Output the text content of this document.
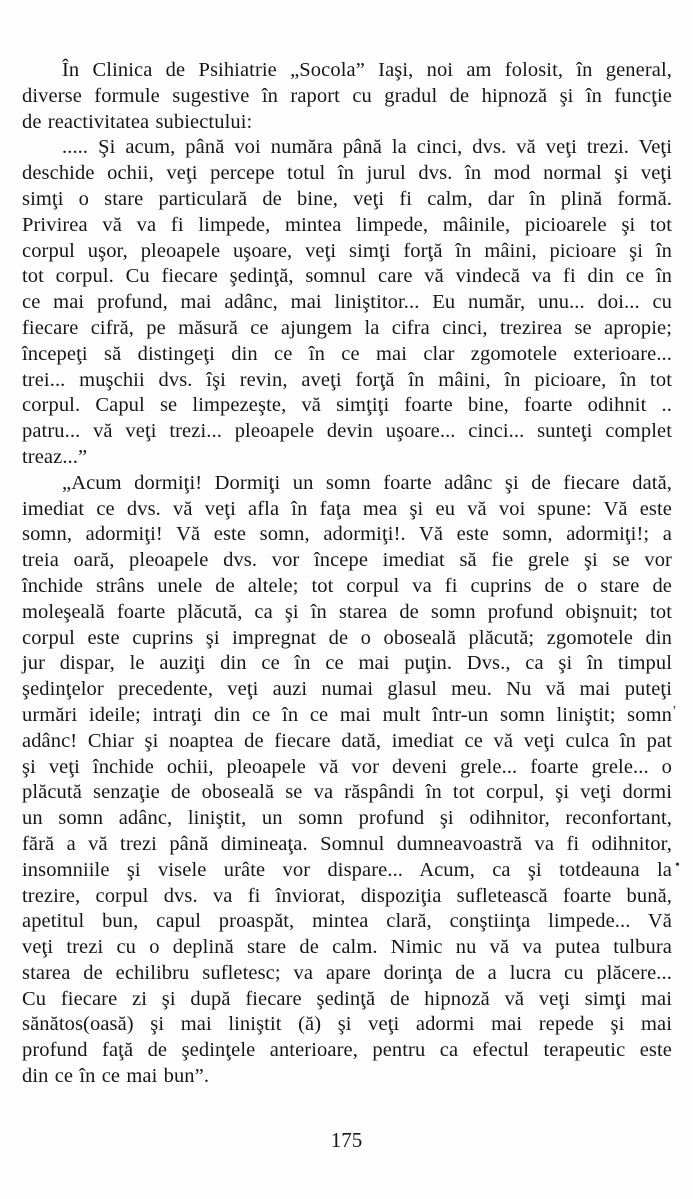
În Clinica de Psihiatrie „Socola” Iaşi, noi am folosit, în general,
diverse formule sugestive în raport cu gradul de hipnoză şi în funcţie
de reactivitatea subiectului:
..... Şi acum, până voi număra până la cinci, dvs. vă veţi trezi. Veţi
deschide ochii, veţi percepe totul în jurul dvs. în mod normal şi veţi
simţi o stare particulară de bine, veţi fi calm, dar în plină formă.
Privirea vă va fi limpede, mintea limpede, mâinile, picioarele şi tot
corpul uşor, pleoapele uşoare, veţi simţi forţă în mâini, picioare şi în
tot corpul. Cu fiecare şedinţă, somnul care vă vindecă va fi din ce în
ce mai profund, mai adânc, mai liniştitor... Eu număr, unu... doi... cu
fiecare cifră, pe măsură ce ajungem la cifra cinci, trezirea se apropie;
începeţi să distingeţi din ce în ce mai clar zgomotele exterioare...
trei... muşchii dvs. îşi revin, aveţi forţă în mâini, în picioare, în tot
corpul. Capul se limpezeşte, vă simţiţi foarte bine, foarte odihnit ..
patru... vă veţi trezi... pleoapele devin uşoare... cinci... sunteţi complet
treaz...”
„Acum dormiţi! Dormiţi un somn foarte adânc şi de fiecare dată,
imediat ce dvs. vă veţi afla în faţa mea şi eu vă voi spune: Vă este
somn, adormiţi! Vă este somn, adormiţi!. Vă este somn, adormiţi!; a
treia oară, pleoapele dvs. vor începe imediat să fie grele şi se vor
închide strâns unele de altele; tot corpul va fi cuprins de o stare de
moleşeală foarte plăcută, ca şi în starea de somn profund obişnuit; tot
corpul este cuprins şi impregnat de o oboseală plăcută; zgomotele din
jur dispar, le auziţi din ce în ce mai puţin. Dvs., ca şi în timpul
şedinţelor precedente, veţi auzi numai glasul meu. Nu vă mai puteţi
urmări ideile; intraţi din ce în ce mai mult într-un somn liniştit; somn
adânc! Chiar şi noaptea de fiecare dată, imediat ce vă veţi culca în pat
şi veţi închide ochii, pleoapele vă vor deveni grele... foarte grele... o
plăcută senzaţie de oboseală se va răspândi în tot corpul, şi veţi dormi
un somn adânc, liniştit, un somn profund şi odihnitor, reconfortant,
fără a vă trezi până dimineaţa. Somnul dumneavoastră va fi odihnitor,
insomniile şi visele urâte vor dispare... Acum, ca şi totdeauna la
trezire, corpul dvs. va fi înviorat, dispoziţia sufletească foarte bună,
apetitul bun, capul proaspăt, mintea clară, conştiinţa limpede... Vă
veţi trezi cu o deplină stare de calm. Nimic nu vă va putea tulbura
starea de echilibru sufletesc; va apare dorinţa de a lucra cu plăcere...
Cu fiecare zi şi după fiecare şedinţă de hipnoză vă veţi simţi mai
sănătos(oasă) şi mai liniştit (ă) şi veţi adormi mai repede şi mai
profund faţă de şedinţele anterioare, pentru ca efectul terapeutic este
din ce în ce mai bun”.
ʼ
•
175
